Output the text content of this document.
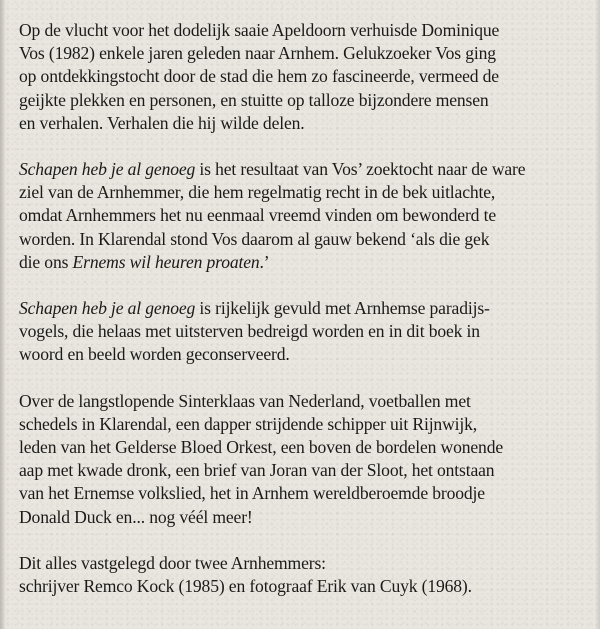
Op de vlucht voor het dodelijk saaie Apeldoorn verhuisde Dominique
Vos (1982) enkele jaren geleden naar Arnhem. Gelukzoeker Vos ging
op ontdekkingstocht door de stad die hem zo fascineerde, vermeed de
geijkte plekken en personen, en stuitte op talloze bijzondere mensen
en verhalen. Verhalen die hij wilde delen.
Schapen heb je al genoeg is het resultaat van Vos’ zoektocht naar de ware
ziel van de Arnhemmer, die hem regelmatig recht in de bek uitlachte,
omdat Arnhemmers het nu eenmaal vreemd vinden om bewonderd te
worden. In Klarendal stond Vos daarom al gauw bekend ‘als die gek
die ons Ernems wil heuren proaten.’
Schapen heb je al genoeg is rijkelijk gevuld met Arnhemse paradijs-
vogels, die helaas met uitsterven bedreigd worden en in dit boek in
woord en beeld worden geconserveerd.
Over de langstlopende Sinterklaas van Nederland, voetballen met
schedels in Klarendal, een dapper strijdende schipper uit Rijnwijk,
leden van het Gelderse Bloed Orkest, een boven de bordelen wonende
aap met kwade dronk, een brief van Joran van der Sloot, het ontstaan
van het Ernemse volkslied, het in Arnhem wereldberoemde broodje
Donald Duck en... nog véél meer!
Dit alles vastgelegd door twee Arnhemmers:
schrijver Remco Kock (1985) en fotograaf Erik van Cuyk (1968).
